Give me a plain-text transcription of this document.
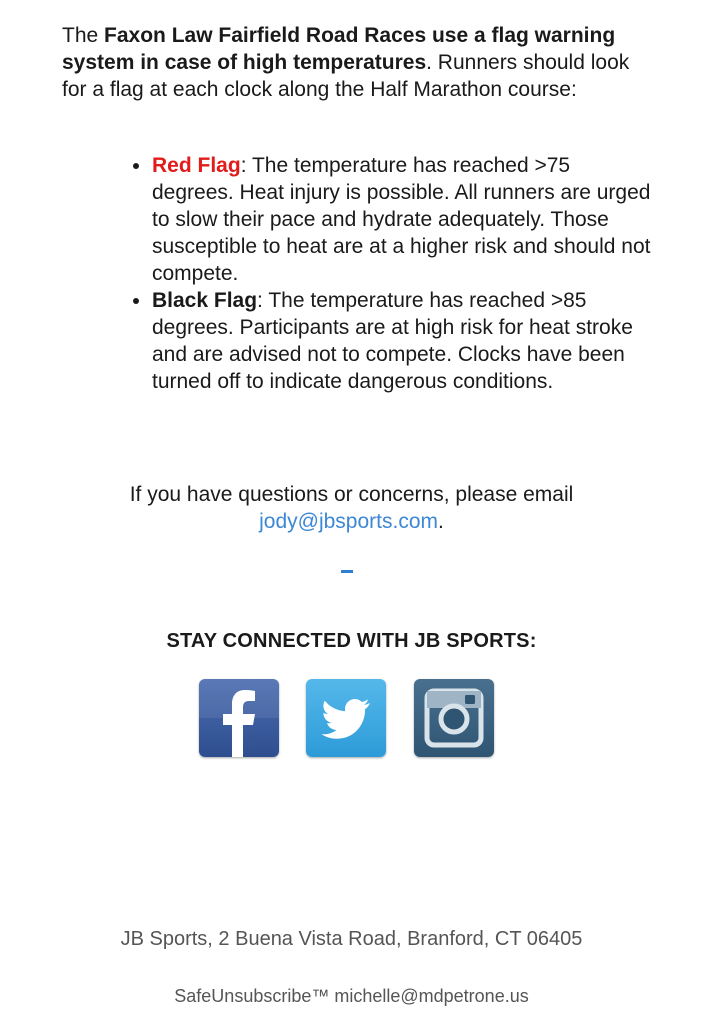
The Faxon Law Fairfield Road Races use a flag warning system in case of high temperatures. Runners should look for a flag at each clock along the Half Marathon course:
• Red Flag: The temperature has reached >75 degrees. Heat injury is possible. All runners are urged to slow their pace and hydrate adequately. Those susceptible to heat are at a higher risk and should not compete.
• Black Flag: The temperature has reached >85 degrees. Participants are at high risk for heat stroke and are advised not to compete. Clocks have been turned off to indicate dangerous conditions.
If you have questions or concerns, please email
jody@jbsports.com.
STAY CONNECTED WITH JB SPORTS:
JB Sports, 2 Buena Vista Road, Branford, CT 06405
SafeUnsubscribe™ michelle@mdpetrone.us
